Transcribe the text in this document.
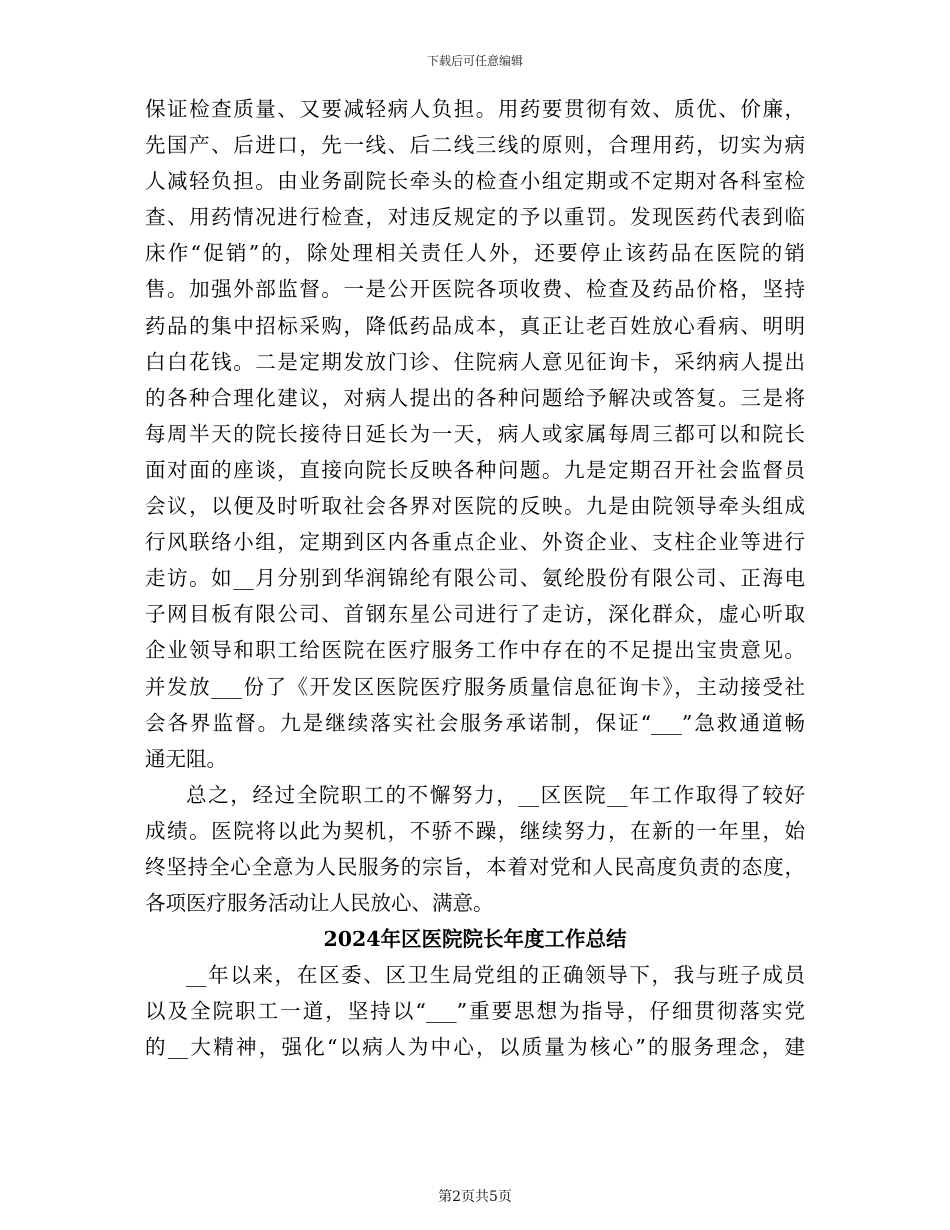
下载后可任意编辑
保证检查质量、又要减轻病人负担。用药要贯彻有效、质优、价廉，
先国产、后进口，先一线、后二线三线的原则，合理用药，切实为病
人减轻负担。由业务副院长牵头的检查小组定期或不定期对各科室检
查、用药情况进行检查，对违反规定的予以重罚。发现医药代表到临
床作“促销”的，除处理相关责任人外，还要停止该药品在医院的销
售。加强外部监督。一是公开医院各项收费、检查及药品价格，坚持
药品的集中招标采购，降低药品成本，真正让老百姓放心看病、明明
白白花钱。二是定期发放门诊、住院病人意见征询卡，采纳病人提出
的各种合理化建议，对病人提出的各种问题给予解决或答复。三是将
每周半天的院长接待日延长为一天，病人或家属每周三都可以和院长
面对面的座谈，直接向院长反映各种问题。九是定期召开社会监督员
会议，以便及时听取社会各界对医院的反映。九是由院领导牵头组成
行风联络小组，定期到区内各重点企业、外资企业、支柱企业等进行
走访。如__月分别到华润锦纶有限公司、氨纶股份有限公司、正海电
子网目板有限公司、首钢东星公司进行了走访，深化群众，虚心听取
企业领导和职工给医院在医疗服务工作中存在的不足提出宝贵意见。
并发放___份了《开发区医院医疗服务质量信息征询卡》，主动接受社
会各界监督。九是继续落实社会服务承诺制，保证“___”急救通道畅
通无阻。
总之，经过全院职工的不懈努力，__区医院__年工作取得了较好
成绩。医院将以此为契机，不骄不躁，继续努力，在新的一年里，始
终坚持全心全意为人民服务的宗旨，本着对党和人民高度负责的态度，
各项医疗服务活动让人民放心、满意。
2024年区医院院长年度工作总结
__年以来，在区委、区卫生局党组的正确领导下，我与班子成员
以及全院职工一道，坚持以“___”重要思想为指导，仔细贯彻落实党
的__大精神，强化“以病人为中心，以质量为核心”的服务理念，建
第2页共5页
